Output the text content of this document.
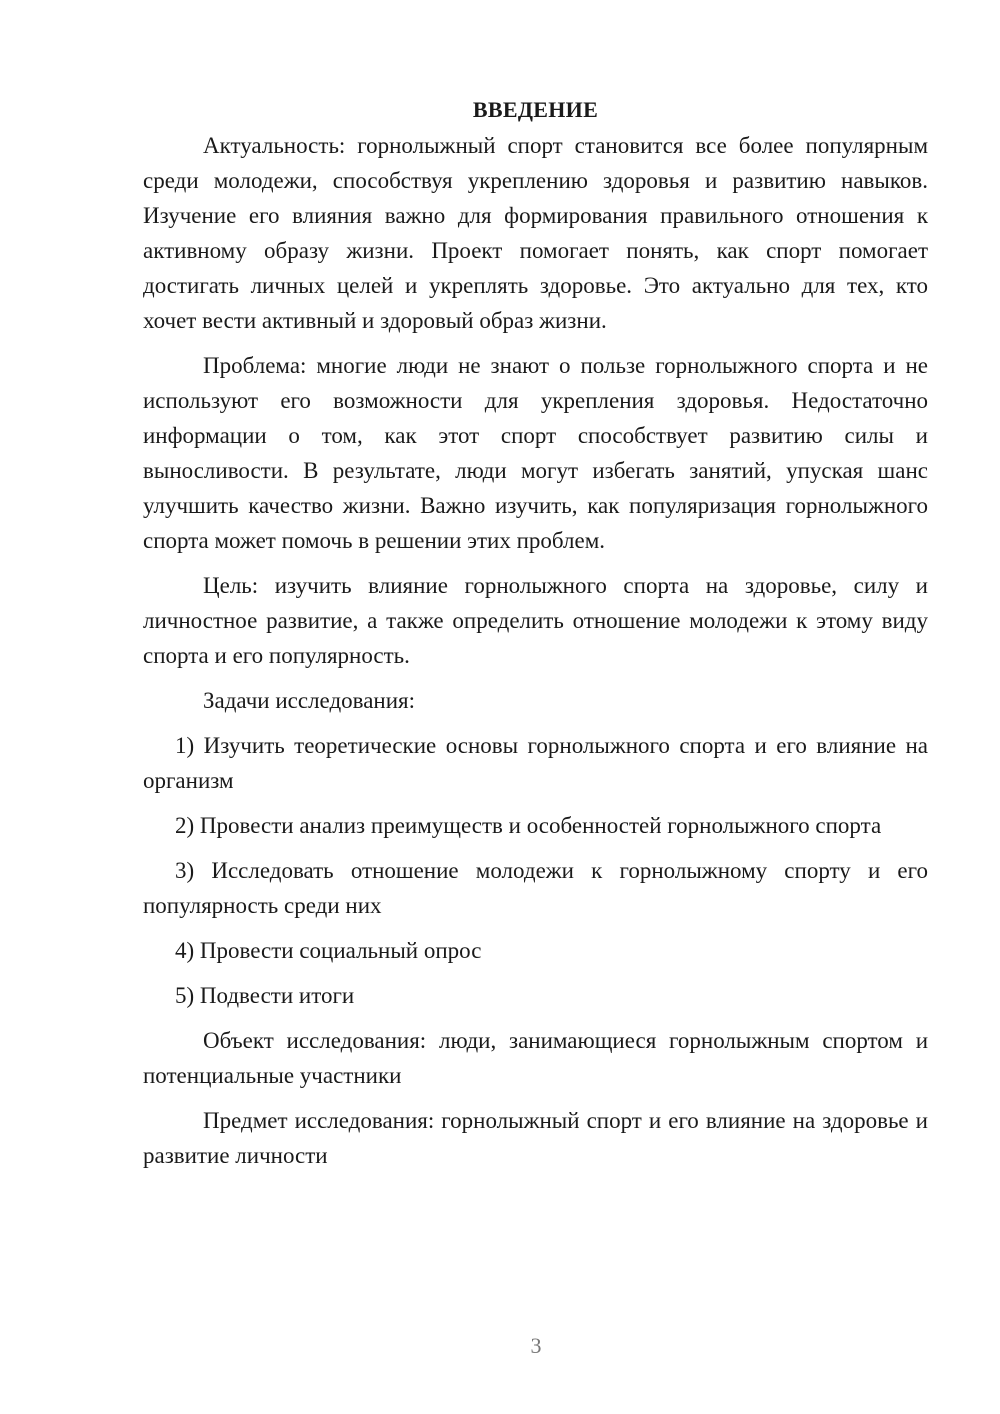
ВВЕДЕНИЕ

Актуальность: горнолыжный спорт становится все более популярным среди молодежи, способствуя укреплению здоровья и развитию навыков. Изучение его влияния важно для формирования правильного отношения к активному образу жизни. Проект помогает понять, как спорт помогает достигать личных целей и укреплять здоровье. Это актуально для тех, кто хочет вести активный и здоровый образ жизни.

Проблема: многие люди не знают о пользе горнолыжного спорта и не используют его возможности для укрепления здоровья. Недостаточно информации о том, как этот спорт способствует развитию силы и выносливости. В результате, люди могут избегать занятий, упуская шанс улучшить качество жизни. Важно изучить, как популяризация горнолыжного спорта может помочь в решении этих проблем.

Цель: изучить влияние горнолыжного спорта на здоровье, силу и личностное развитие, а также определить отношение молодежи к этому виду спорта и его популярность.

Задачи исследования:

1) Изучить теоретические основы горнолыжного спорта и его влияние на организм

2) Провести анализ преимуществ и особенностей горнолыжного спорта

3) Исследовать отношение молодежи к горнолыжному спорту и его популярность среди них

4) Провести социальный опрос

5) Подвести итоги

Объект исследования: люди, занимающиеся горнолыжным спортом и потенциальные участники

Предмет исследования: горнолыжный спорт и его влияние на здоровье и развитие личности

3
